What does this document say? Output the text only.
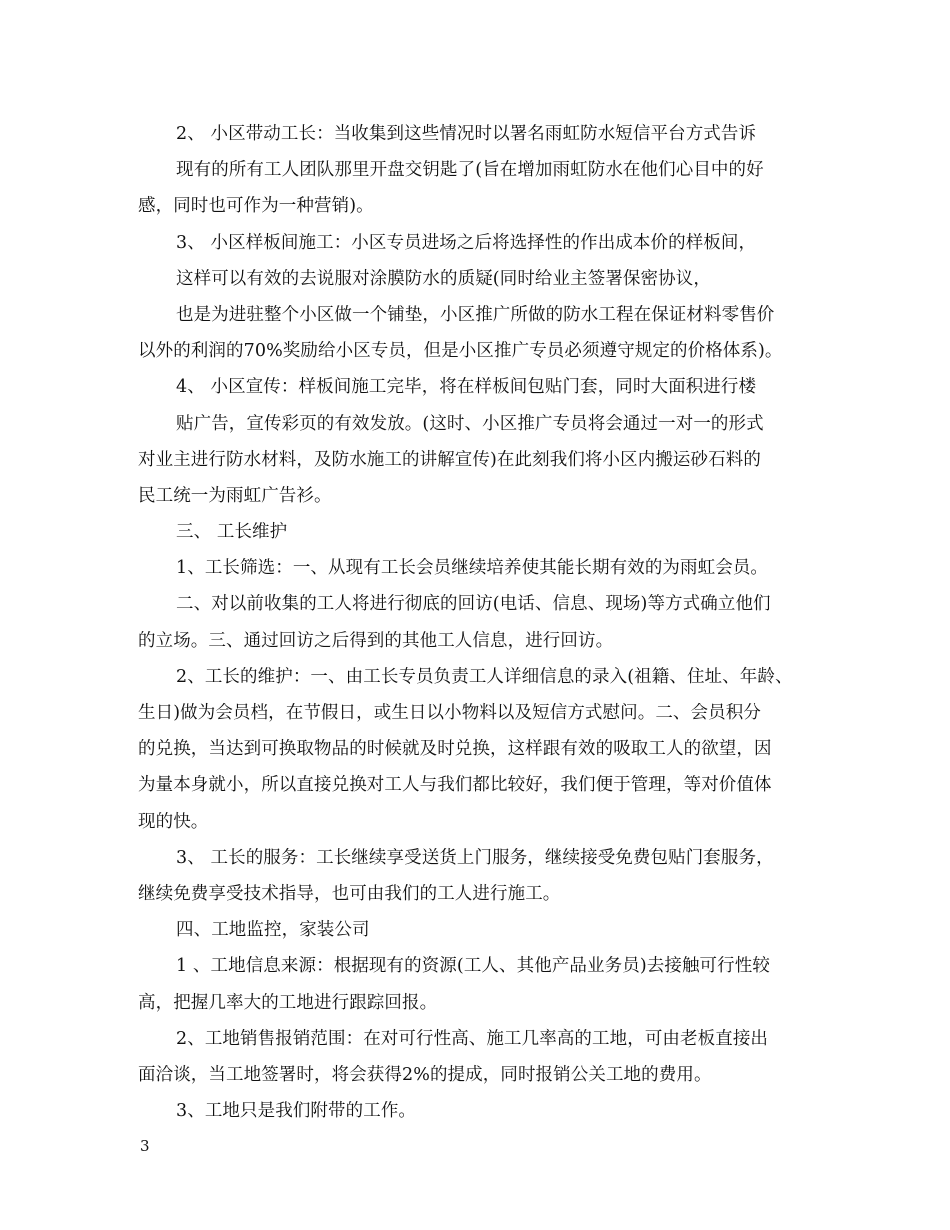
2、 小区带动工长：当收集到这些情况时以署名雨虹防水短信平台方式告诉
现有的所有工人团队那里开盘交钥匙了(旨在增加雨虹防水在他们心目中的好
感，同时也可作为一种营销)。
3、 小区样板间施工：小区专员进场之后将选择性的作出成本价的样板间，
这样可以有效的去说服对涂膜防水的质疑(同时给业主签署保密协议，
也是为进驻整个小区做一个铺垫，小区推广所做的防水工程在保证材料零售价
以外的利润的70%奖励给小区专员，但是小区推广专员必须遵守规定的价格体系)。
4、 小区宣传：样板间施工完毕，将在样板间包贴门套，同时大面积进行楼
贴广告，宣传彩页的有效发放。(这时、小区推广专员将会通过一对一的形式
对业主进行防水材料，及防水施工的讲解宣传)在此刻我们将小区内搬运砂石料的
民工统一为雨虹广告衫。
三、 工长维护
1、工长筛选：一、从现有工长会员继续培养使其能长期有效的为雨虹会员。
二、对以前收集的工人将进行彻底的回访(电话、信息、现场)等方式确立他们
的立场。三、通过回访之后得到的其他工人信息，进行回访。
2、工长的维护：一、由工长专员负责工人详细信息的录入(祖籍、住址、年龄、
生日)做为会员档，在节假日，或生日以小物料以及短信方式慰问。二、会员积分
的兑换，当达到可换取物品的时候就及时兑换，这样跟有效的吸取工人的欲望，因
为量本身就小，所以直接兑换对工人与我们都比较好，我们便于管理，等对价值体
现的快。
3、 工长的服务：工长继续享受送货上门服务，继续接受免费包贴门套服务，
继续免费享受技术指导，也可由我们的工人进行施工。
四、工地监控，家装公司
1 、工地信息来源：根据现有的资源(工人、其他产品业务员)去接触可行性较
高，把握几率大的工地进行跟踪回报。
2、工地销售报销范围：在对可行性高、施工几率高的工地，可由老板直接出
面洽谈，当工地签署时，将会获得2%的提成，同时报销公关工地的费用。
3、工地只是我们附带的工作。
3
